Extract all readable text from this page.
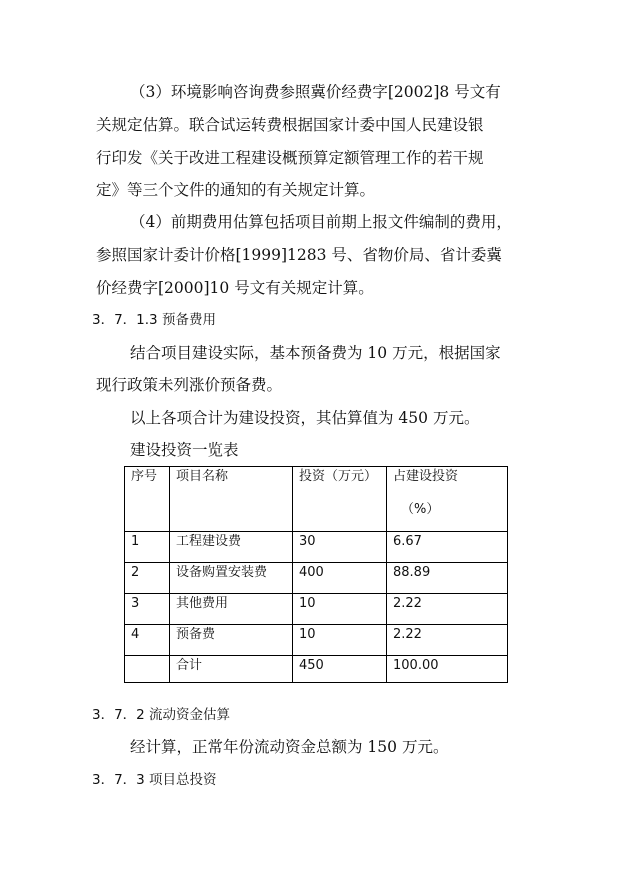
（3）环境影响咨询费参照冀价经费字[2002]8 号文有
关规定估算。联合试运转费根据国家计委中国人民建设银
行印发《关于改进工程建设概预算定额管理工作的若干规
定》等三个文件的通知的有关规定计算。
（4）前期费用估算包括项目前期上报文件编制的费用，
参照国家计委计价格[1999]1283 号、省物价局、省计委冀
价经费字[2000]10 号文有关规定计算。
3．7．1.3 预备费用
结合项目建设实际，基本预备费为 10 万元，根据国家
现行政策未列涨价预备费。
以上各项合计为建设投资，其估算值为 450 万元。
建设投资一览表
序号	项目名称	投资（万元）	占建设投资
（%）

1	工程建设费	30	6.67
2	设备购置安装费	400	88.89
3	其他费用	10	2.22
4	预备费	10	2.22
	合计	450	100.00
3．7．2 流动资金估算
经计算，正常年份流动资金总额为 150 万元。
3．7．3 项目总投资
